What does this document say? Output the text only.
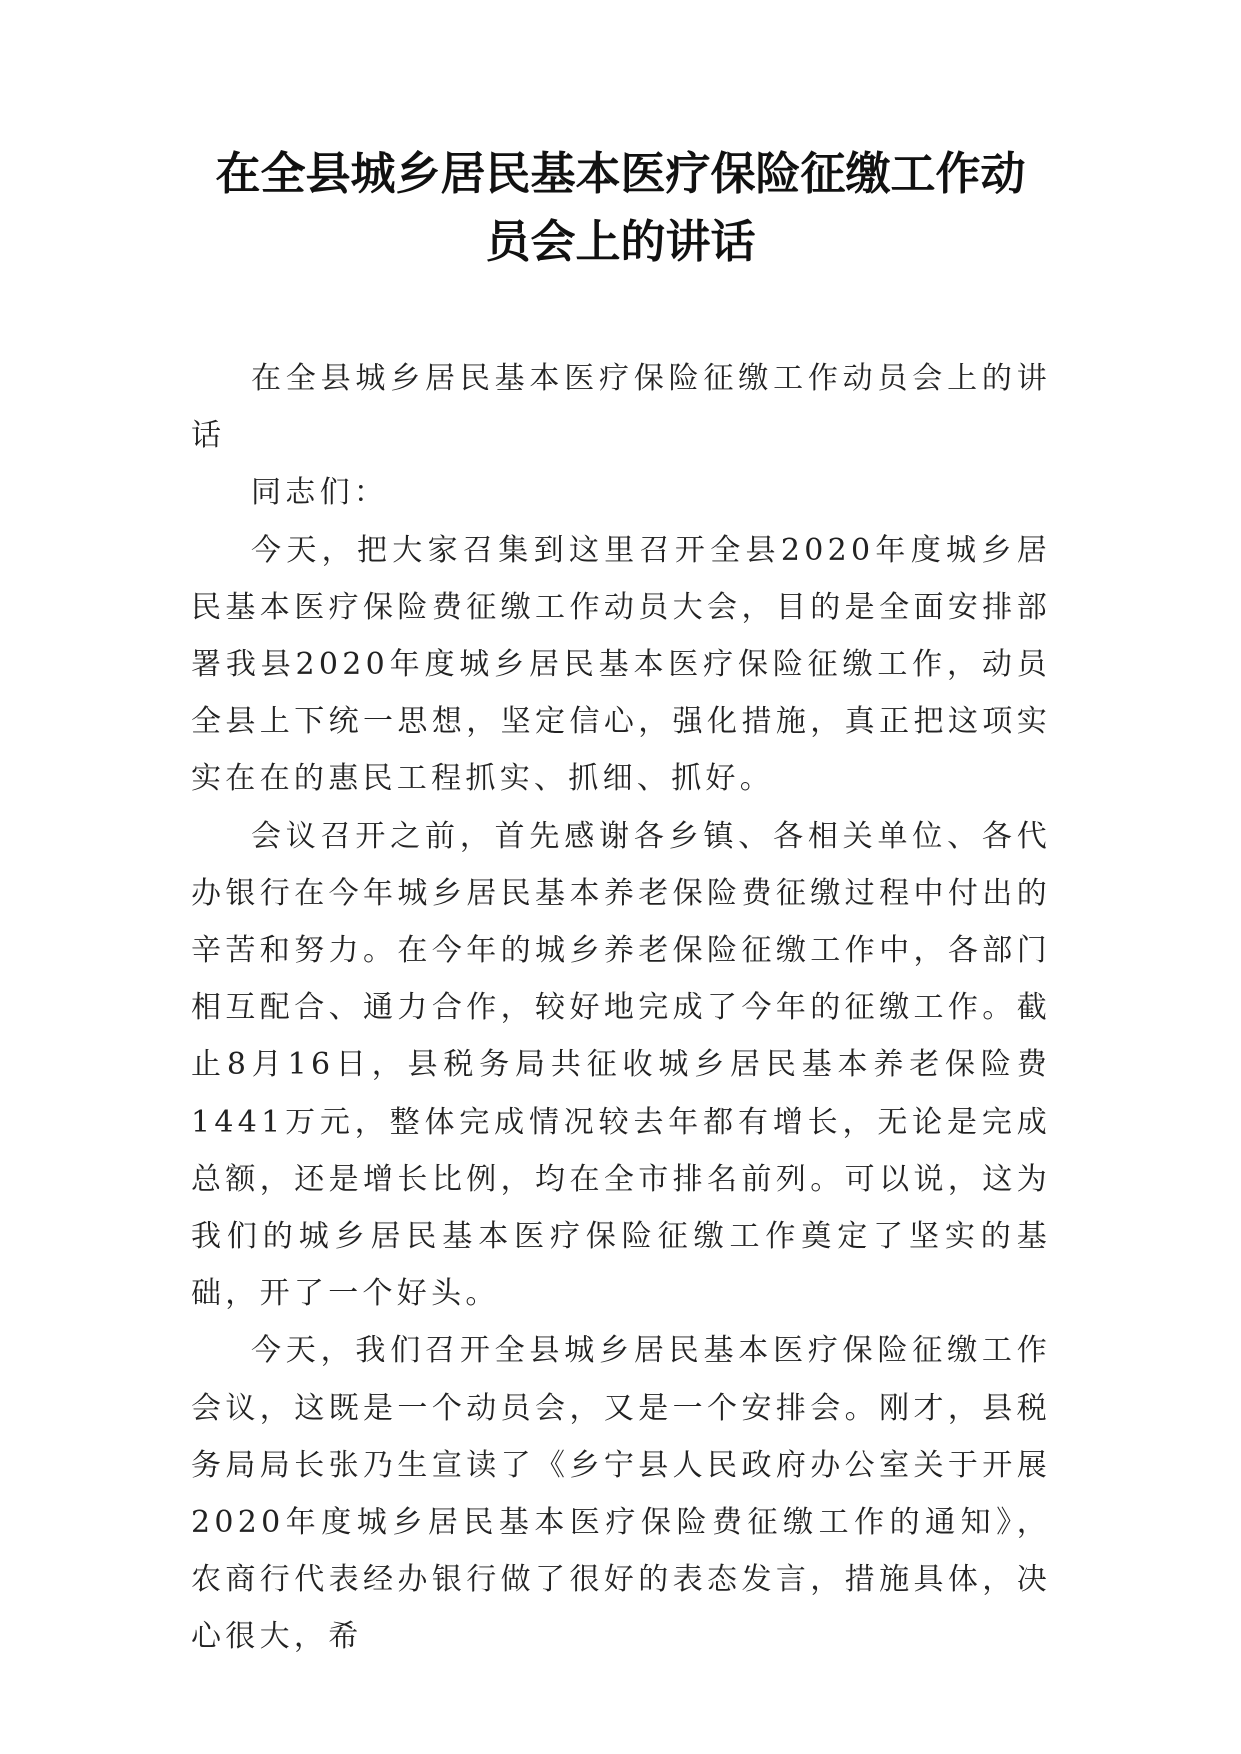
在全县城乡居民基本医疗保险征缴工作动
员会上的讲话

在全县城乡居民基本医疗保险征缴工作动员会上的讲话

同志们：

今天，把大家召集到这里召开全县2020年度城乡居民基本医疗保险费征缴工作动员大会，目的是全面安排部署我县2020年度城乡居民基本医疗保险征缴工作，动员全县上下统一思想，坚定信心，强化措施，真正把这项实实在在的惠民工程抓实、抓细、抓好。

会议召开之前，首先感谢各乡镇、各相关单位、各代办银行在今年城乡居民基本养老保险费征缴过程中付出的辛苦和努力。在今年的城乡养老保险征缴工作中，各部门相互配合、通力合作，较好地完成了今年的征缴工作。截止8月16日，县税务局共征收城乡居民基本养老保险费1441万元，整体完成情况较去年都有增长，无论是完成总额，还是增长比例，均在全市排名前列。可以说，这为我们的城乡居民基本医疗保险征缴工作奠定了坚实的基础，开了一个好头。

今天，我们召开全县城乡居民基本医疗保险征缴工作会议，这既是一个动员会，又是一个安排会。刚才，县税务局局长张乃生宣读了《乡宁县人民政府办公室关于开展2020年度城乡居民基本医疗保险费征缴工作的通知》，农商行代表经办银行做了很好的表态发言，措施具体，决心很大，希
